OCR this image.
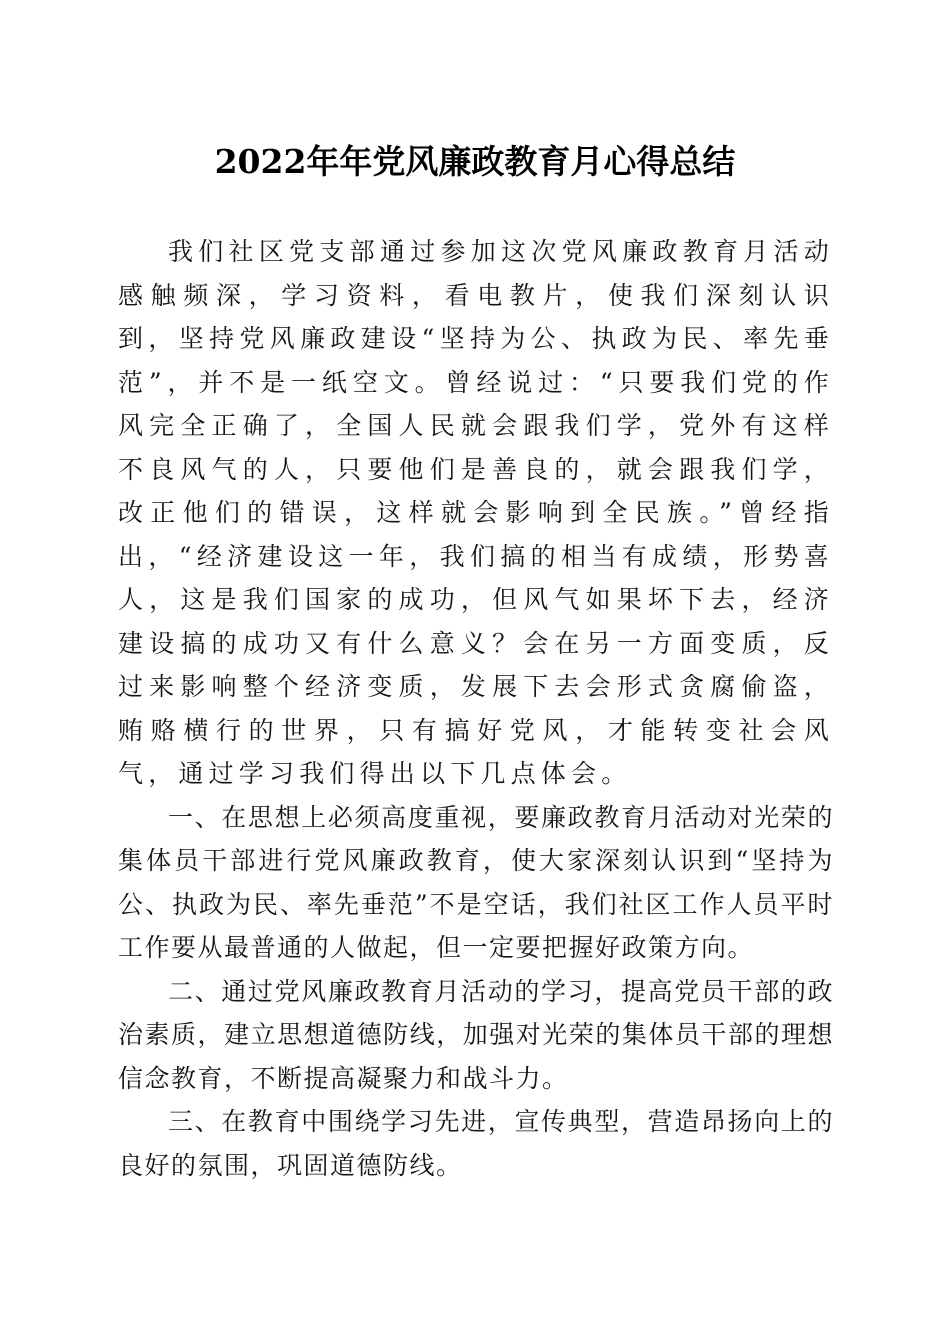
2022年年党风廉政教育月心得总结

我们社区党支部通过参加这次党风廉政教育月活动感触频深，学习资料，看电教片，使我们深刻认识到，坚持党风廉政建设“坚持为公、执政为民、率先垂范”，并不是一纸空文。曾经说过：“只要我们党的作风完全正确了，全国人民就会跟我们学，党外有这样不良风气的人，只要他们是善良的，就会跟我们学，改正他们的错误，这样就会影响到全民族。”曾经指出，“经济建设这一年，我们搞的相当有成绩，形势喜人，这是我们国家的成功，但风气如果坏下去，经济建设搞的成功又有什么意义？会在另一方面变质，反过来影响整个经济变质，发展下去会形式贪腐偷盗，贿赂横行的世界，只有搞好党风，才能转变社会风气，通过学习我们得出以下几点体会。

一、在思想上必须高度重视，要廉政教育月活动对光荣的集体员干部进行党风廉政教育，使大家深刻认识到“坚持为公、执政为民、率先垂范”不是空话，我们社区工作人员平时工作要从最普通的人做起，但一定要把握好政策方向。

二、通过党风廉政教育月活动的学习，提高党员干部的政治素质，建立思想道德防线，加强对光荣的集体员干部的理想信念教育，不断提高凝聚力和战斗力。

三、在教育中围绕学习先进，宣传典型，营造昂扬向上的良好的氛围，巩固道德防线。
